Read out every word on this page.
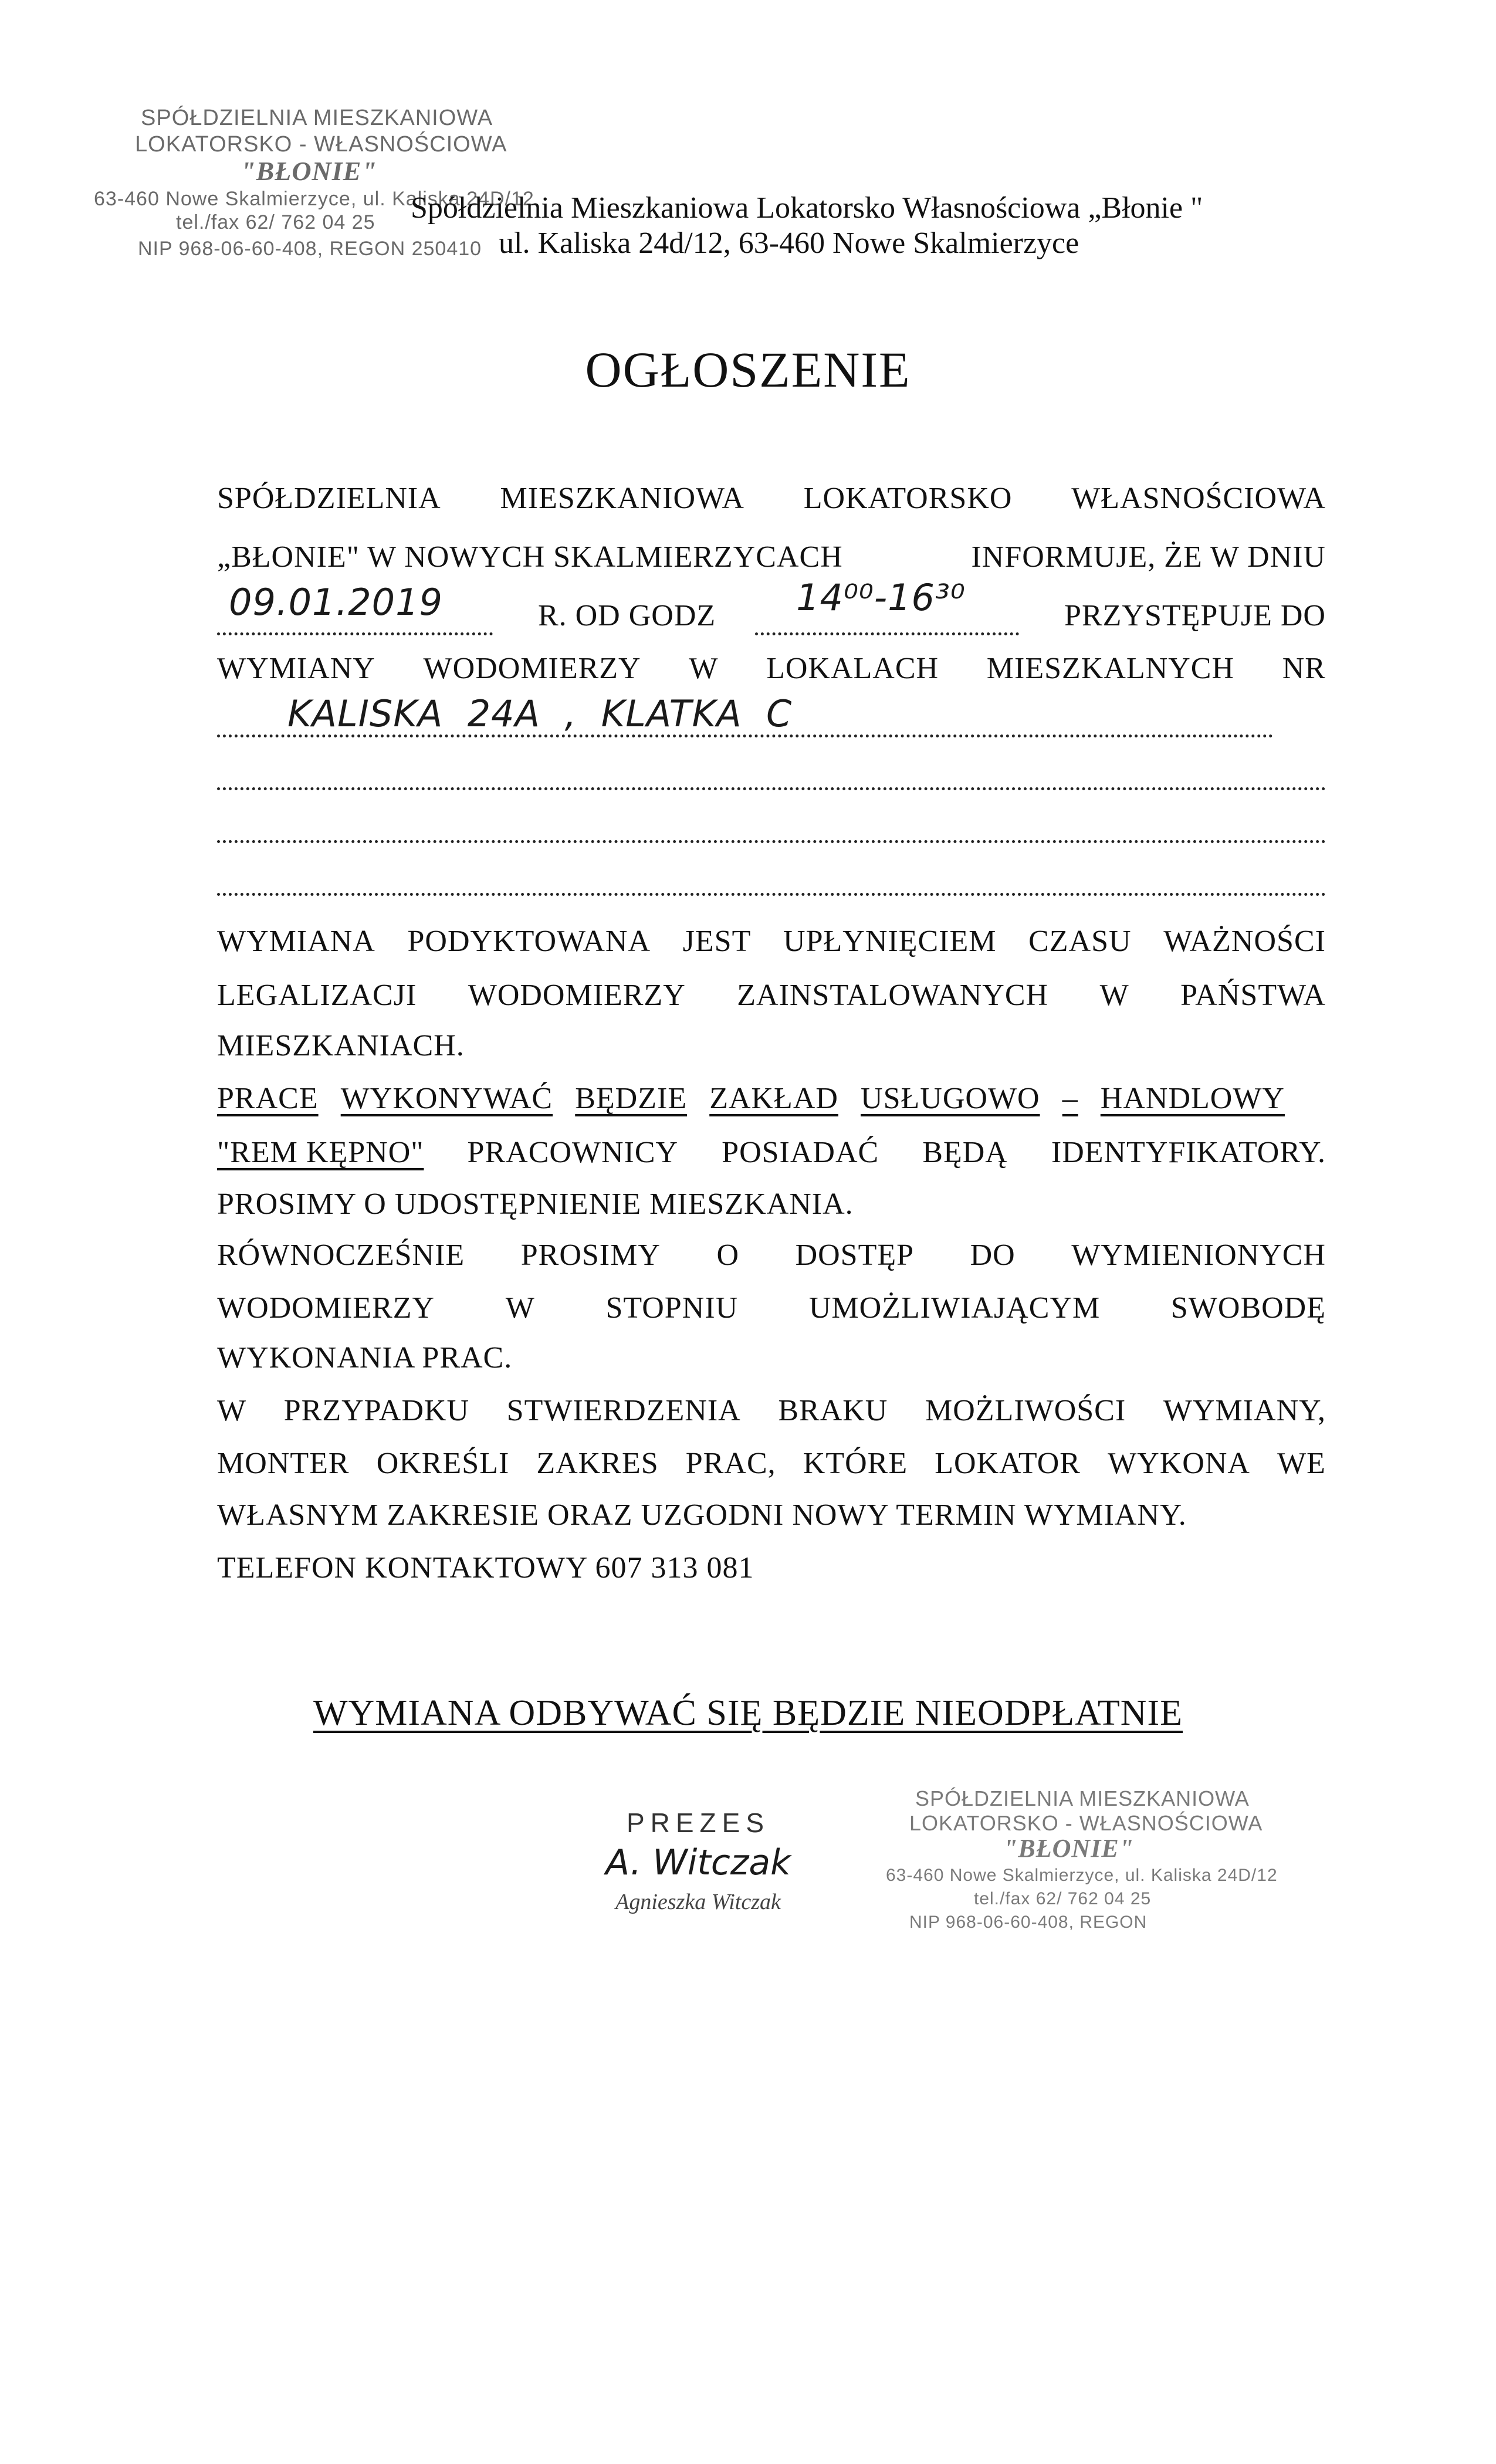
SPÓŁDZIELNIA MIESZKANIOWA
LOKATORSKO - WŁASNOŚCIOWA
"BŁONIE"
63-460 Nowe Skalmierzyce, ul. Kaliska 24D/12
tel./fax 62/ 762 04 25
NIP 968-06-60-408, REGON 250410
Spółdzielnia Mieszkaniowa Lokatorsko Własnościowa „Błonie "
ul. Kaliska 24d/12, 63-460 Nowe Skalmierzyce
OGŁOSZENIE
SPÓŁDZIELNIA MIESZKANIOWA LOKATORSKO WŁASNOŚCIOWA
„BŁONIE" W NOWYCH SKALMIERZYCACH	INFORMUJE, ŻE W DNIU
09.01.2019	R. OD GODZ 14⁰⁰-16³⁰	PRZYSTĘPUJE DO
WYMIANY WODOMIERZY W LOKALACH MIESZKALNYCH NR
KALISKA  24A  ,  KLATKA  C
WYMIANA PODYKTOWANA JEST UPŁYNIĘCIEM CZASU WAŻNOŚCI
LEGALIZACJI WODOMIERZY ZAINSTALOWANYCH W PAŃSTWA
MIESZKANIACH.
PRACE WYKONYWAĆ BĘDZIE ZAKŁAD USŁUGOWO – HANDLOWY
"REM KĘPNO" PRACOWNICY POSIADAĆ BĘDĄ IDENTYFIKATORY.
PROSIMY O UDOSTĘPNIENIE MIESZKANIA.
RÓWNOCZEŚNIE PROSIMY O DOSTĘP DO WYMIENIONYCH
WODOMIERZY W STOPNIU UMOŻLIWIAJĄCYM SWOBODĘ
WYKONANIA PRAC.
W PRZYPADKU STWIERDZENIA BRAKU MOŻLIWOŚCI WYMIANY,
MONTER OKREŚLI ZAKRES PRAC, KTÓRE LOKATOR WYKONA WE
WŁASNYM ZAKRESIE ORAZ UZGODNI NOWY TERMIN WYMIANY.
TELEFON KONTAKTOWY 607 313 081
WYMIANA ODBYWAĆ SIĘ BĘDZIE NIEODPŁATNIE
PREZES
A. Witczak
Agnieszka Witczak
SPÓŁDZIELNIA MIESZKANIOWA
LOKATORSKO - WŁASNOŚCIOWA
"BŁONIE"
63-460 Nowe Skalmierzyce, ul. Kaliska 24D/12
tel./fax 62/ 762 04 25
NIP 968-06-60-408, REGON
